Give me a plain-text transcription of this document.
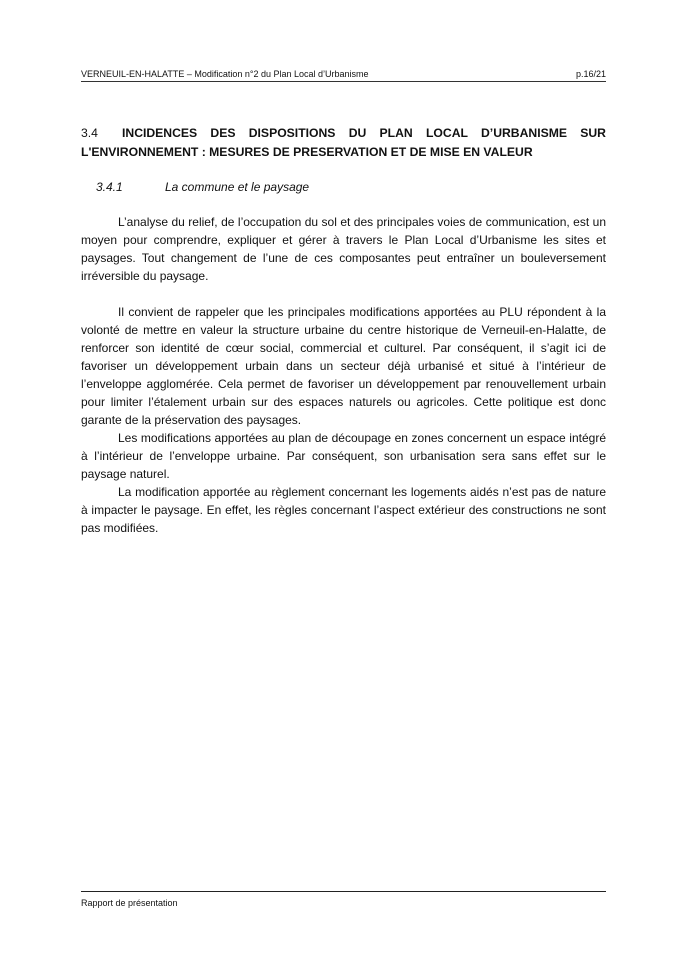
VERNEUIL-EN-HALATTE – Modification n°2 du Plan Local d’Urbanisme	p.16/21
3.4 INCIDENCES DES DISPOSITIONS DU PLAN LOCAL D’URBANISME SUR L'ENVIRONNEMENT : MESURES DE PRESERVATION ET DE MISE EN VALEUR
3.4.1	La commune et le paysage

L’analyse du relief, de l’occupation du sol et des principales voies de communication, est un moyen pour comprendre, expliquer et gérer à travers le Plan Local d’Urbanisme les sites et paysages. Tout changement de l’une de ces composantes peut entraîner un bouleversement irréversible du paysage.

Il convient de rappeler que les principales modifications apportées au PLU répondent à la volonté de mettre en valeur la structure urbaine du centre historique de Verneuil-en-Halatte, de renforcer son identité de cœur social, commercial et culturel. Par conséquent, il s’agit ici de favoriser un développement urbain dans un secteur déjà urbanisé et situé à l’intérieur de l’enveloppe agglomérée. Cela permet de favoriser un développement par renouvellement urbain pour limiter l’étalement urbain sur des espaces naturels ou agricoles. Cette politique est donc garante de la préservation des paysages.

Les modifications apportées au plan de découpage en zones concernent un espace intégré à l’intérieur de l’enveloppe urbaine. Par conséquent, son urbanisation sera sans effet sur le paysage naturel.

La modification apportée au règlement concernant les logements aidés n’est pas de nature à impacter le paysage. En effet, les règles concernant l’aspect extérieur des constructions ne sont pas modifiées.

Rapport de présentation
